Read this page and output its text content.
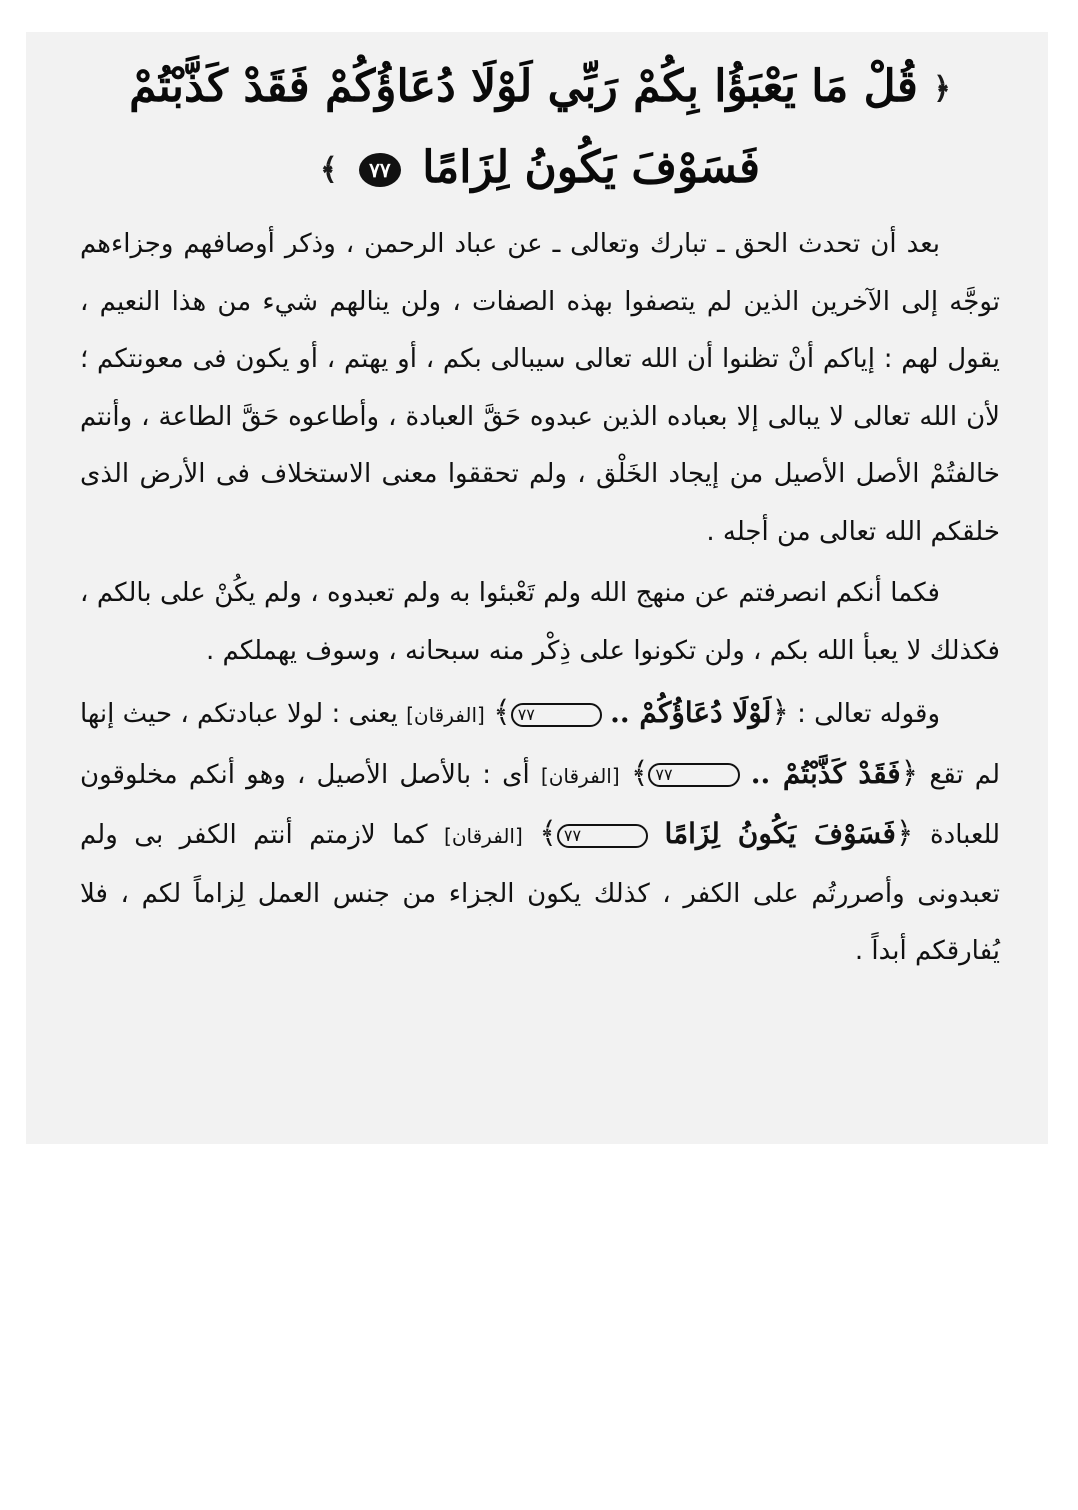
﴿ قُلْ مَا يَعْبَؤُا بِكُمْ رَبِّي لَوْلَا دُعَاؤُكُمْ فَقَدْ كَذَّبْتُمْ
فَسَوْفَ يَكُونُ لِزَامًا ٧٧ ﴾

بعد أن تحدث الحق ـ تبارك وتعالى ـ عن عباد الرحمن ، وذكر أوصافهم وجزاءهم توجَّه إلى الآخرين الذين لم يتصفوا بهذه الصفات ، ولن ينالهم شيء من هذا النعيم ، يقول لهم : إياكم أنْ تظنوا أن الله تعالى سيبالى بكم ، أو يهتم ، أو يكون فى معونتكم ؛ لأن الله تعالى لا يبالى إلا بعباده الذين عبدوه حَقَّ العبادة ، وأطاعوه حَقَّ الطاعة ، وأنتم خالفتُمْ الأصل الأصيل من إيجاد الخَلْق ، ولم تحققوا معنى الاستخلاف فى الأرض الذى خلقكم الله تعالى من أجله .

فكما أنكم انصرفتم عن منهج الله ولم تَعْبئوا به ولم تعبدوه ، ولم يكُنْ على بالكم ، فكذلك لا يعبأ الله بكم ، ولن تكونوا على ذِكْر منه سبحانه ، وسوف يهملكم .

وقوله تعالى : ﴿لَوْلَا دُعَاؤُكُمْ .. ٧٧﴾ [الفرقان] يعنى : لولا عبادتكم ، حيث إنها لم تقع ﴿فَقَدْ كَذَّبْتُمْ .. ٧٧﴾ [الفرقان] أى : بالأصل الأصيل ، وهو أنكم مخلوقون للعبادة ﴿فَسَوْفَ يَكُونُ لِزَامًا ٧٧﴾ [الفرقان] كما لازمتم أنتم الكفر بى ولم تعبدونى وأصررتُم على الكفر ، كذلك يكون الجزاء من جنس العمل لِزاماً لكم ، فلا يُفارقكم أبداً .
